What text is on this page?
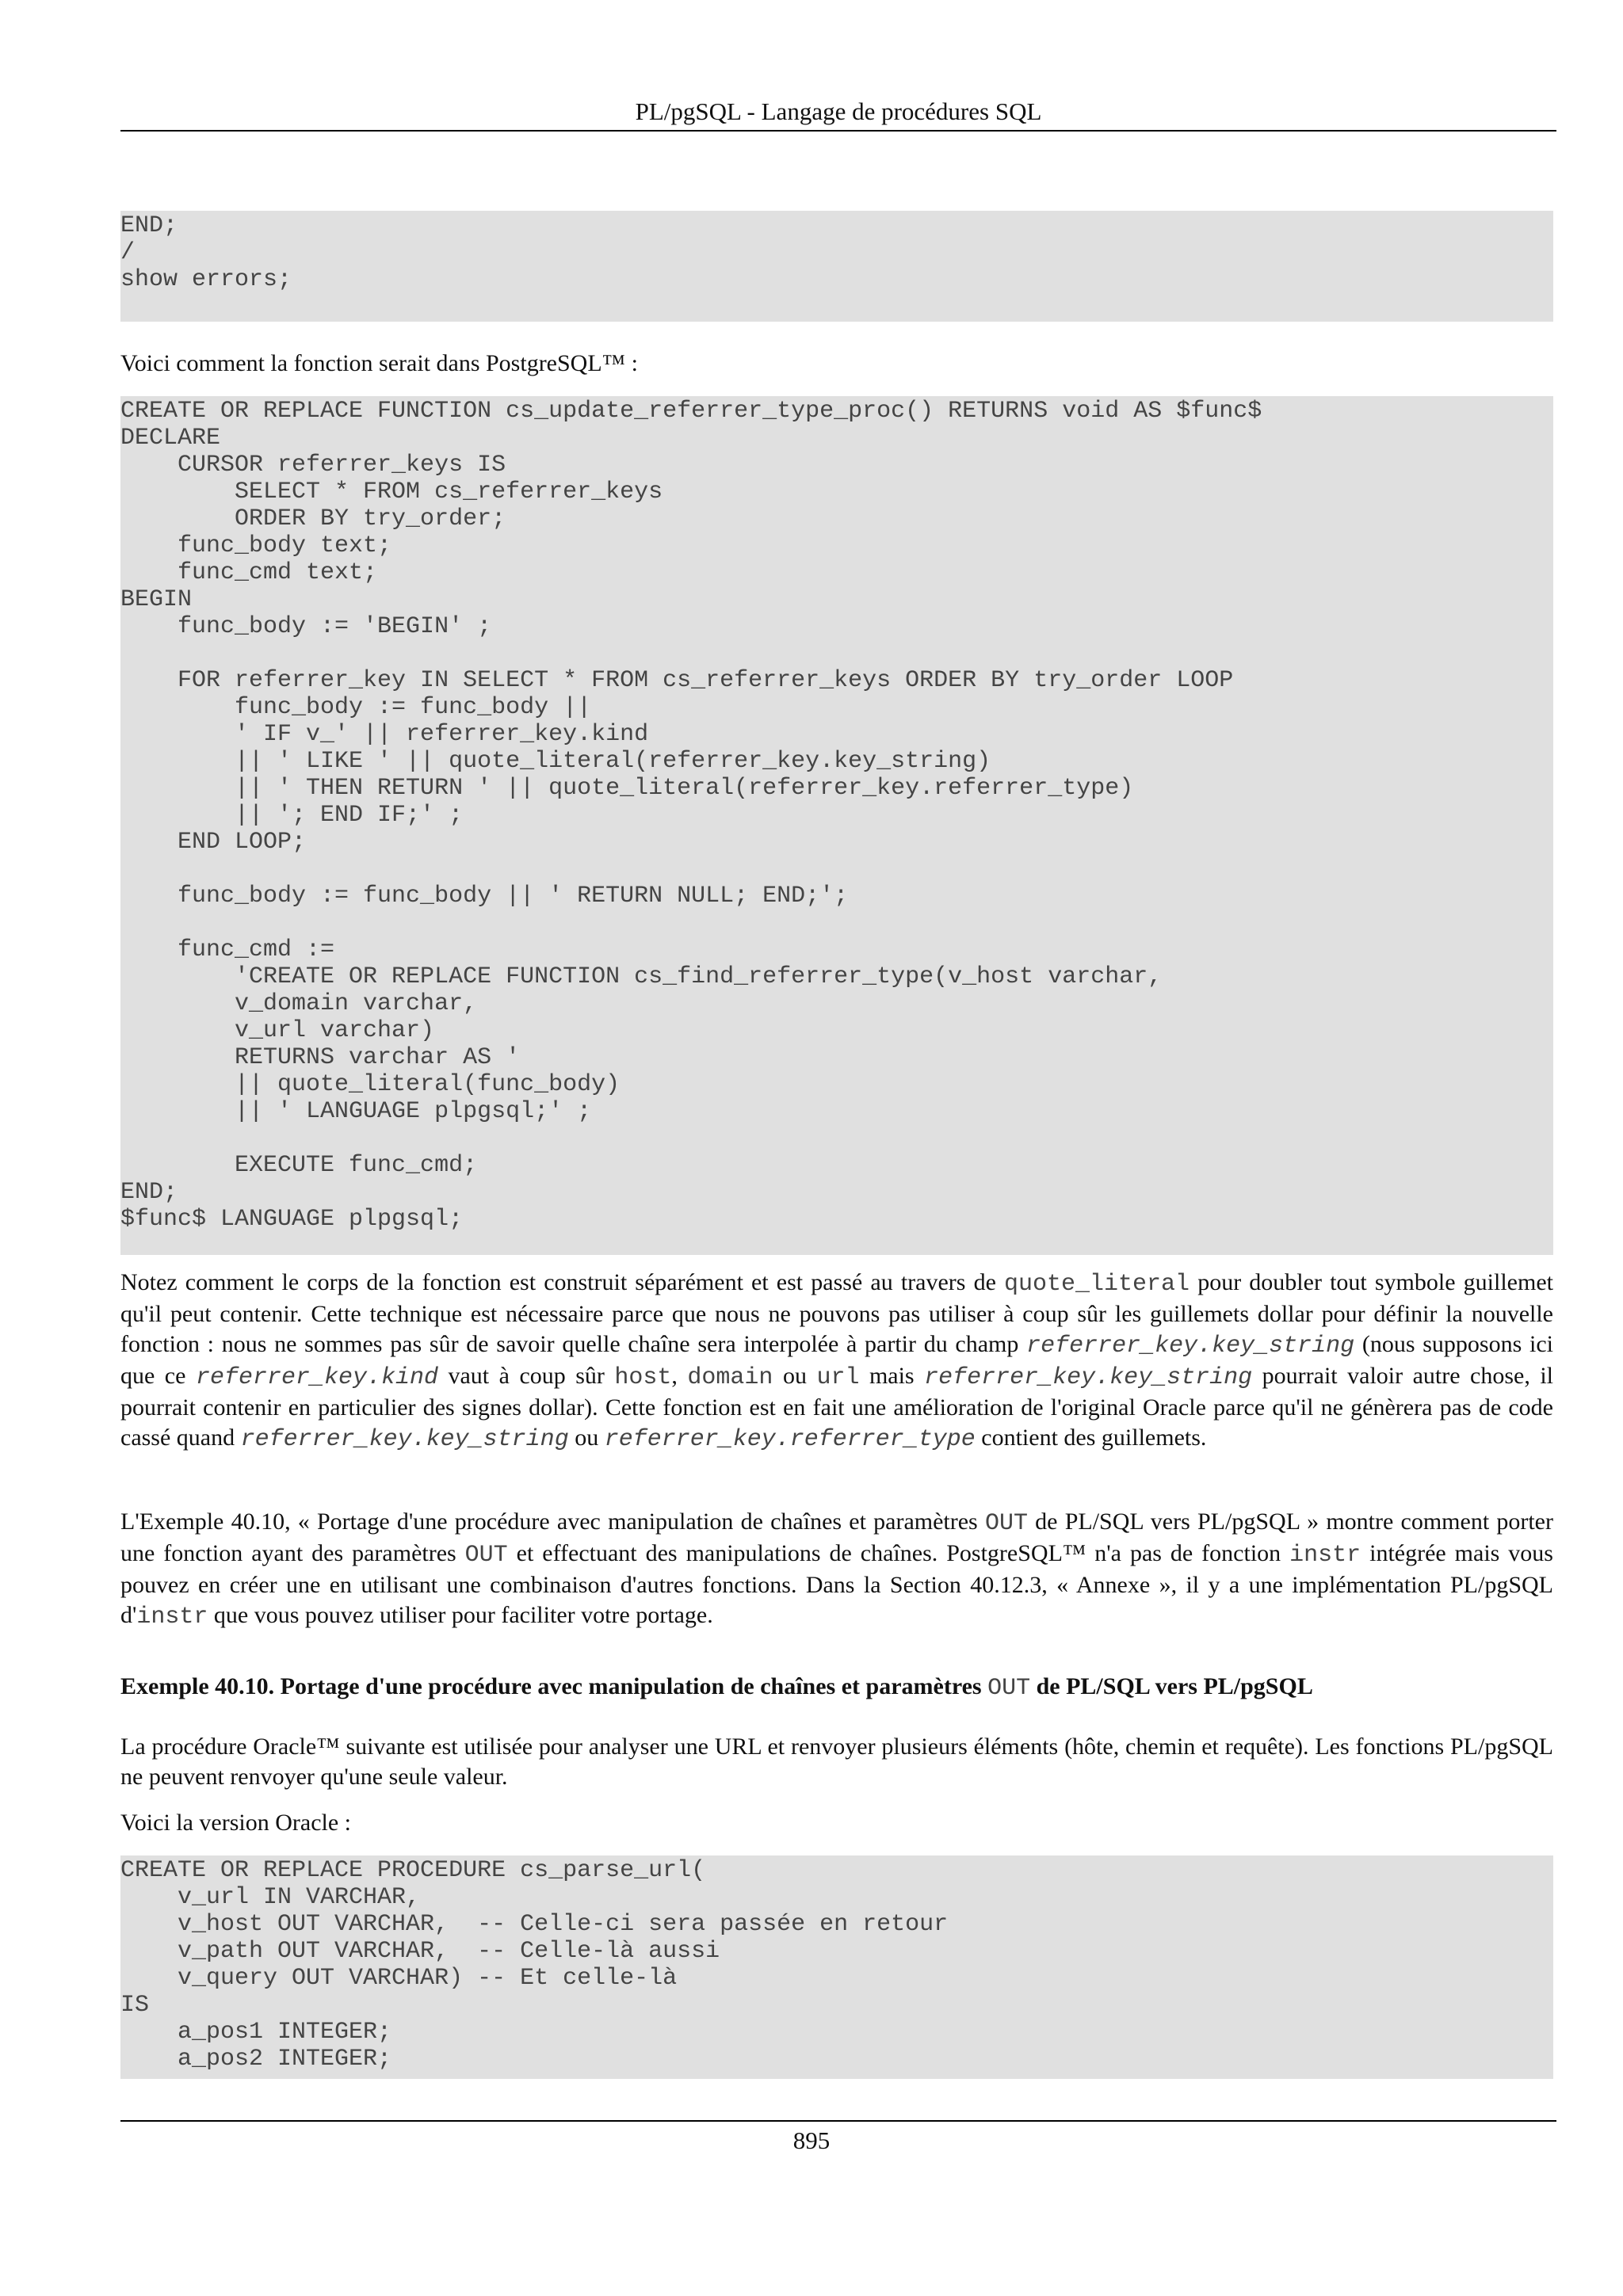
PL/pgSQL - Langage de procédures SQL
END;
/
show errors;

Voici comment la fonction serait dans PostgreSQL™ :

CREATE OR REPLACE FUNCTION cs_update_referrer_type_proc() RETURNS void AS $func$
DECLARE
CURSOR referrer_keys IS
SELECT * FROM cs_referrer_keys
ORDER BY try_order;
func_body text;
func_cmd text;
BEGIN
func_body := 'BEGIN' ;
FOR referrer_key IN SELECT * FROM cs_referrer_keys ORDER BY try_order LOOP
func_body := func_body ||
' IF v_' || referrer_key.kind
|| ' LIKE ' || quote_literal(referrer_key.key_string)
|| ' THEN RETURN ' || quote_literal(referrer_key.referrer_type)
|| '; END IF;' ;
END LOOP;
func_body := func_body || ' RETURN NULL; END;';
func_cmd :=
'CREATE OR REPLACE FUNCTION cs_find_referrer_type(v_host varchar,
v_domain varchar,
v_url varchar)
RETURNS varchar AS '
|| quote_literal(func_body)
|| ' LANGUAGE plpgsql;' ;
EXECUTE func_cmd;
END;
$func$ LANGUAGE plpgsql;

Notez comment le corps de la fonction est construit séparément et est passé au travers de quote_literal pour doubler tout symbole guillemet qu'il peut contenir. Cette technique est nécessaire parce que nous ne pouvons pas utiliser à coup sûr les guillemets dollar pour définir la nouvelle fonction : nous ne sommes pas sûr de savoir quelle chaîne sera interpolée à partir du champ referrer_key.key_string (nous supposons ici que ce referrer_key.kind vaut à coup sûr host, domain ou url mais referrer_key.key_string pourrait valoir autre chose, il pourrait contenir en particulier des signes dollar). Cette fonction est en fait une amélioration de l'original Oracle parce qu'il ne génèrera pas de code cassé quand referrer_key.key_string ou referrer_key.referrer_type contient des guillemets.

L'Exemple 40.10, « Portage d'une procédure avec manipulation de chaînes et paramètres OUT de PL/SQL vers PL/pgSQL » montre comment porter une fonction ayant des paramètres OUT et effectuant des manipulations de chaînes. PostgreSQL™ n'a pas de fonction instr intégrée mais vous pouvez en créer une en utilisant une combinaison d'autres fonctions. Dans la Section 40.12.3, « Annexe », il y a une implémentation PL/pgSQL d'instr que vous pouvez utiliser pour faciliter votre portage.

Exemple 40.10. Portage d'une procédure avec manipulation de chaînes et paramètres OUT de PL/SQL vers PL/pgSQL

La procédure Oracle™ suivante est utilisée pour analyser une URL et renvoyer plusieurs éléments (hôte, chemin et requête). Les fonctions PL/pgSQL ne peuvent renvoyer qu'une seule valeur.

Voici la version Oracle :

CREATE OR REPLACE PROCEDURE cs_parse_url(
v_url IN VARCHAR,
v_host OUT VARCHAR,  -- Celle-ci sera passée en retour
v_path OUT VARCHAR,  -- Celle-là aussi
v_query OUT VARCHAR) -- Et celle-là
IS
a_pos1 INTEGER;
a_pos2 INTEGER;
895
